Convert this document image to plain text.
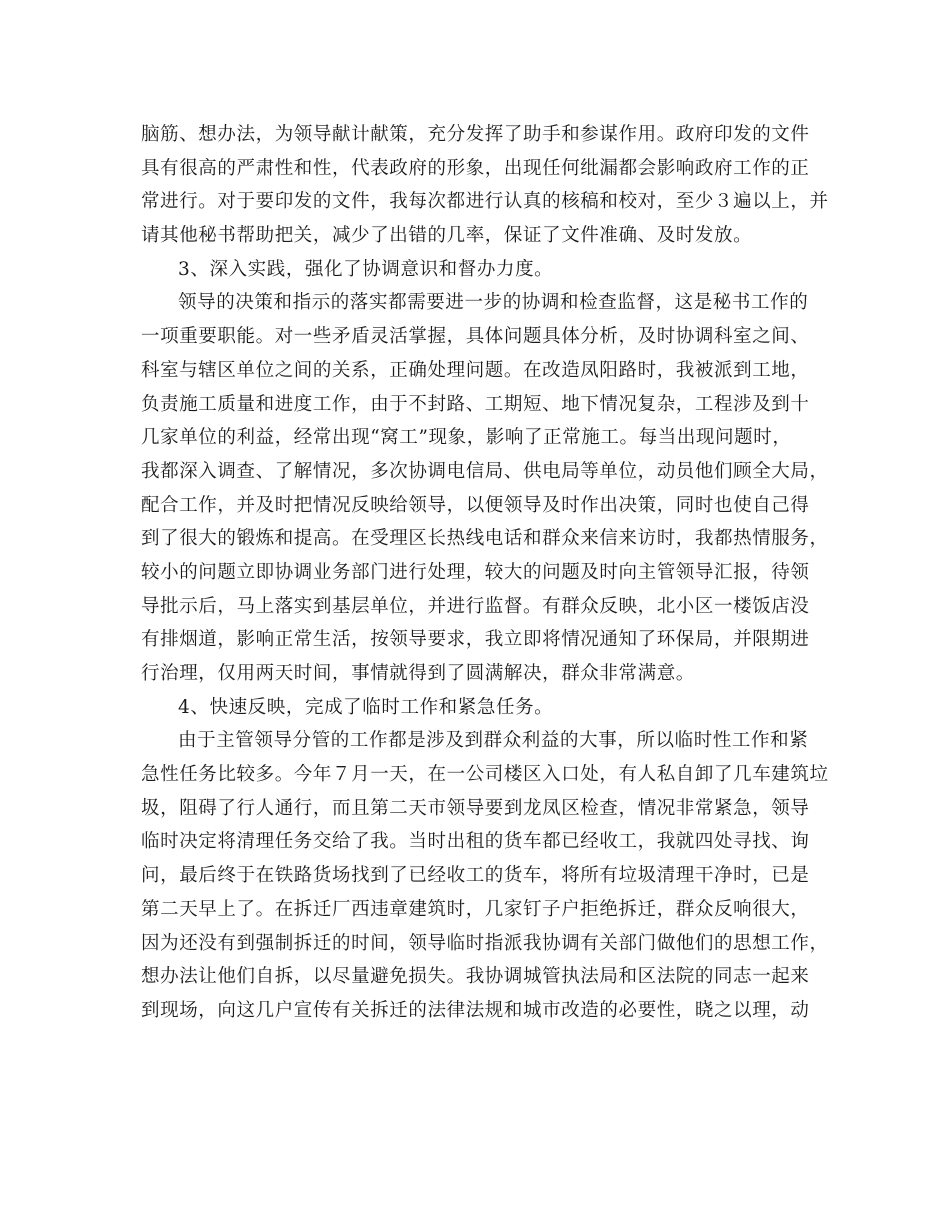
脑筋、想办法，为领导献计献策，充分发挥了助手和参谋作用。政府印发的文件
具有很高的严肃性和性，代表政府的形象，出现任何纰漏都会影响政府工作的正
常进行。对于要印发的文件，我每次都进行认真的核稿和校对，至少３遍以上，并
请其他秘书帮助把关，减少了出错的几率，保证了文件准确、及时发放。
3、深入实践，强化了协调意识和督办力度。
领导的决策和指示的落实都需要进一步的协调和检查监督，这是秘书工作的
一项重要职能。对一些矛盾灵活掌握，具体问题具体分析，及时协调科室之间、
科室与辖区单位之间的关系，正确处理问题。在改造凤阳路时，我被派到工地，
负责施工质量和进度工作，由于不封路、工期短、地下情况复杂，工程涉及到十
几家单位的利益，经常出现“窝工”现象，影响了正常施工。每当出现问题时，
我都深入调查、了解情况，多次协调电信局、供电局等单位，动员他们顾全大局，
配合工作，并及时把情况反映给领导，以便领导及时作出决策，同时也使自己得
到了很大的锻炼和提高。在受理区长热线电话和群众来信来访时，我都热情服务，
较小的问题立即协调业务部门进行处理，较大的问题及时向主管领导汇报，待领
导批示后，马上落实到基层单位，并进行监督。有群众反映，北小区一楼饭店没
有排烟道，影响正常生活，按领导要求，我立即将情况通知了环保局，并限期进
行治理，仅用两天时间，事情就得到了圆满解决，群众非常满意。
4、快速反映，完成了临时工作和紧急任务。
由于主管领导分管的工作都是涉及到群众利益的大事，所以临时性工作和紧
急性任务比较多。今年７月一天，在一公司楼区入口处，有人私自卸了几车建筑垃
圾，阻碍了行人通行，而且第二天市领导要到龙凤区检查，情况非常紧急，领导
临时决定将清理任务交给了我。当时出租的货车都已经收工，我就四处寻找、询
问，最后终于在铁路货场找到了已经收工的货车，将所有垃圾清理干净时，已是
第二天早上了。在拆迁厂西违章建筑时，几家钉子户拒绝拆迁，群众反响很大，
因为还没有到强制拆迁的时间，领导临时指派我协调有关部门做他们的思想工作，
想办法让他们自拆，以尽量避免损失。我协调城管执法局和区法院的同志一起来
到现场，向这几户宣传有关拆迁的法律法规和城市改造的必要性，晓之以理，动
